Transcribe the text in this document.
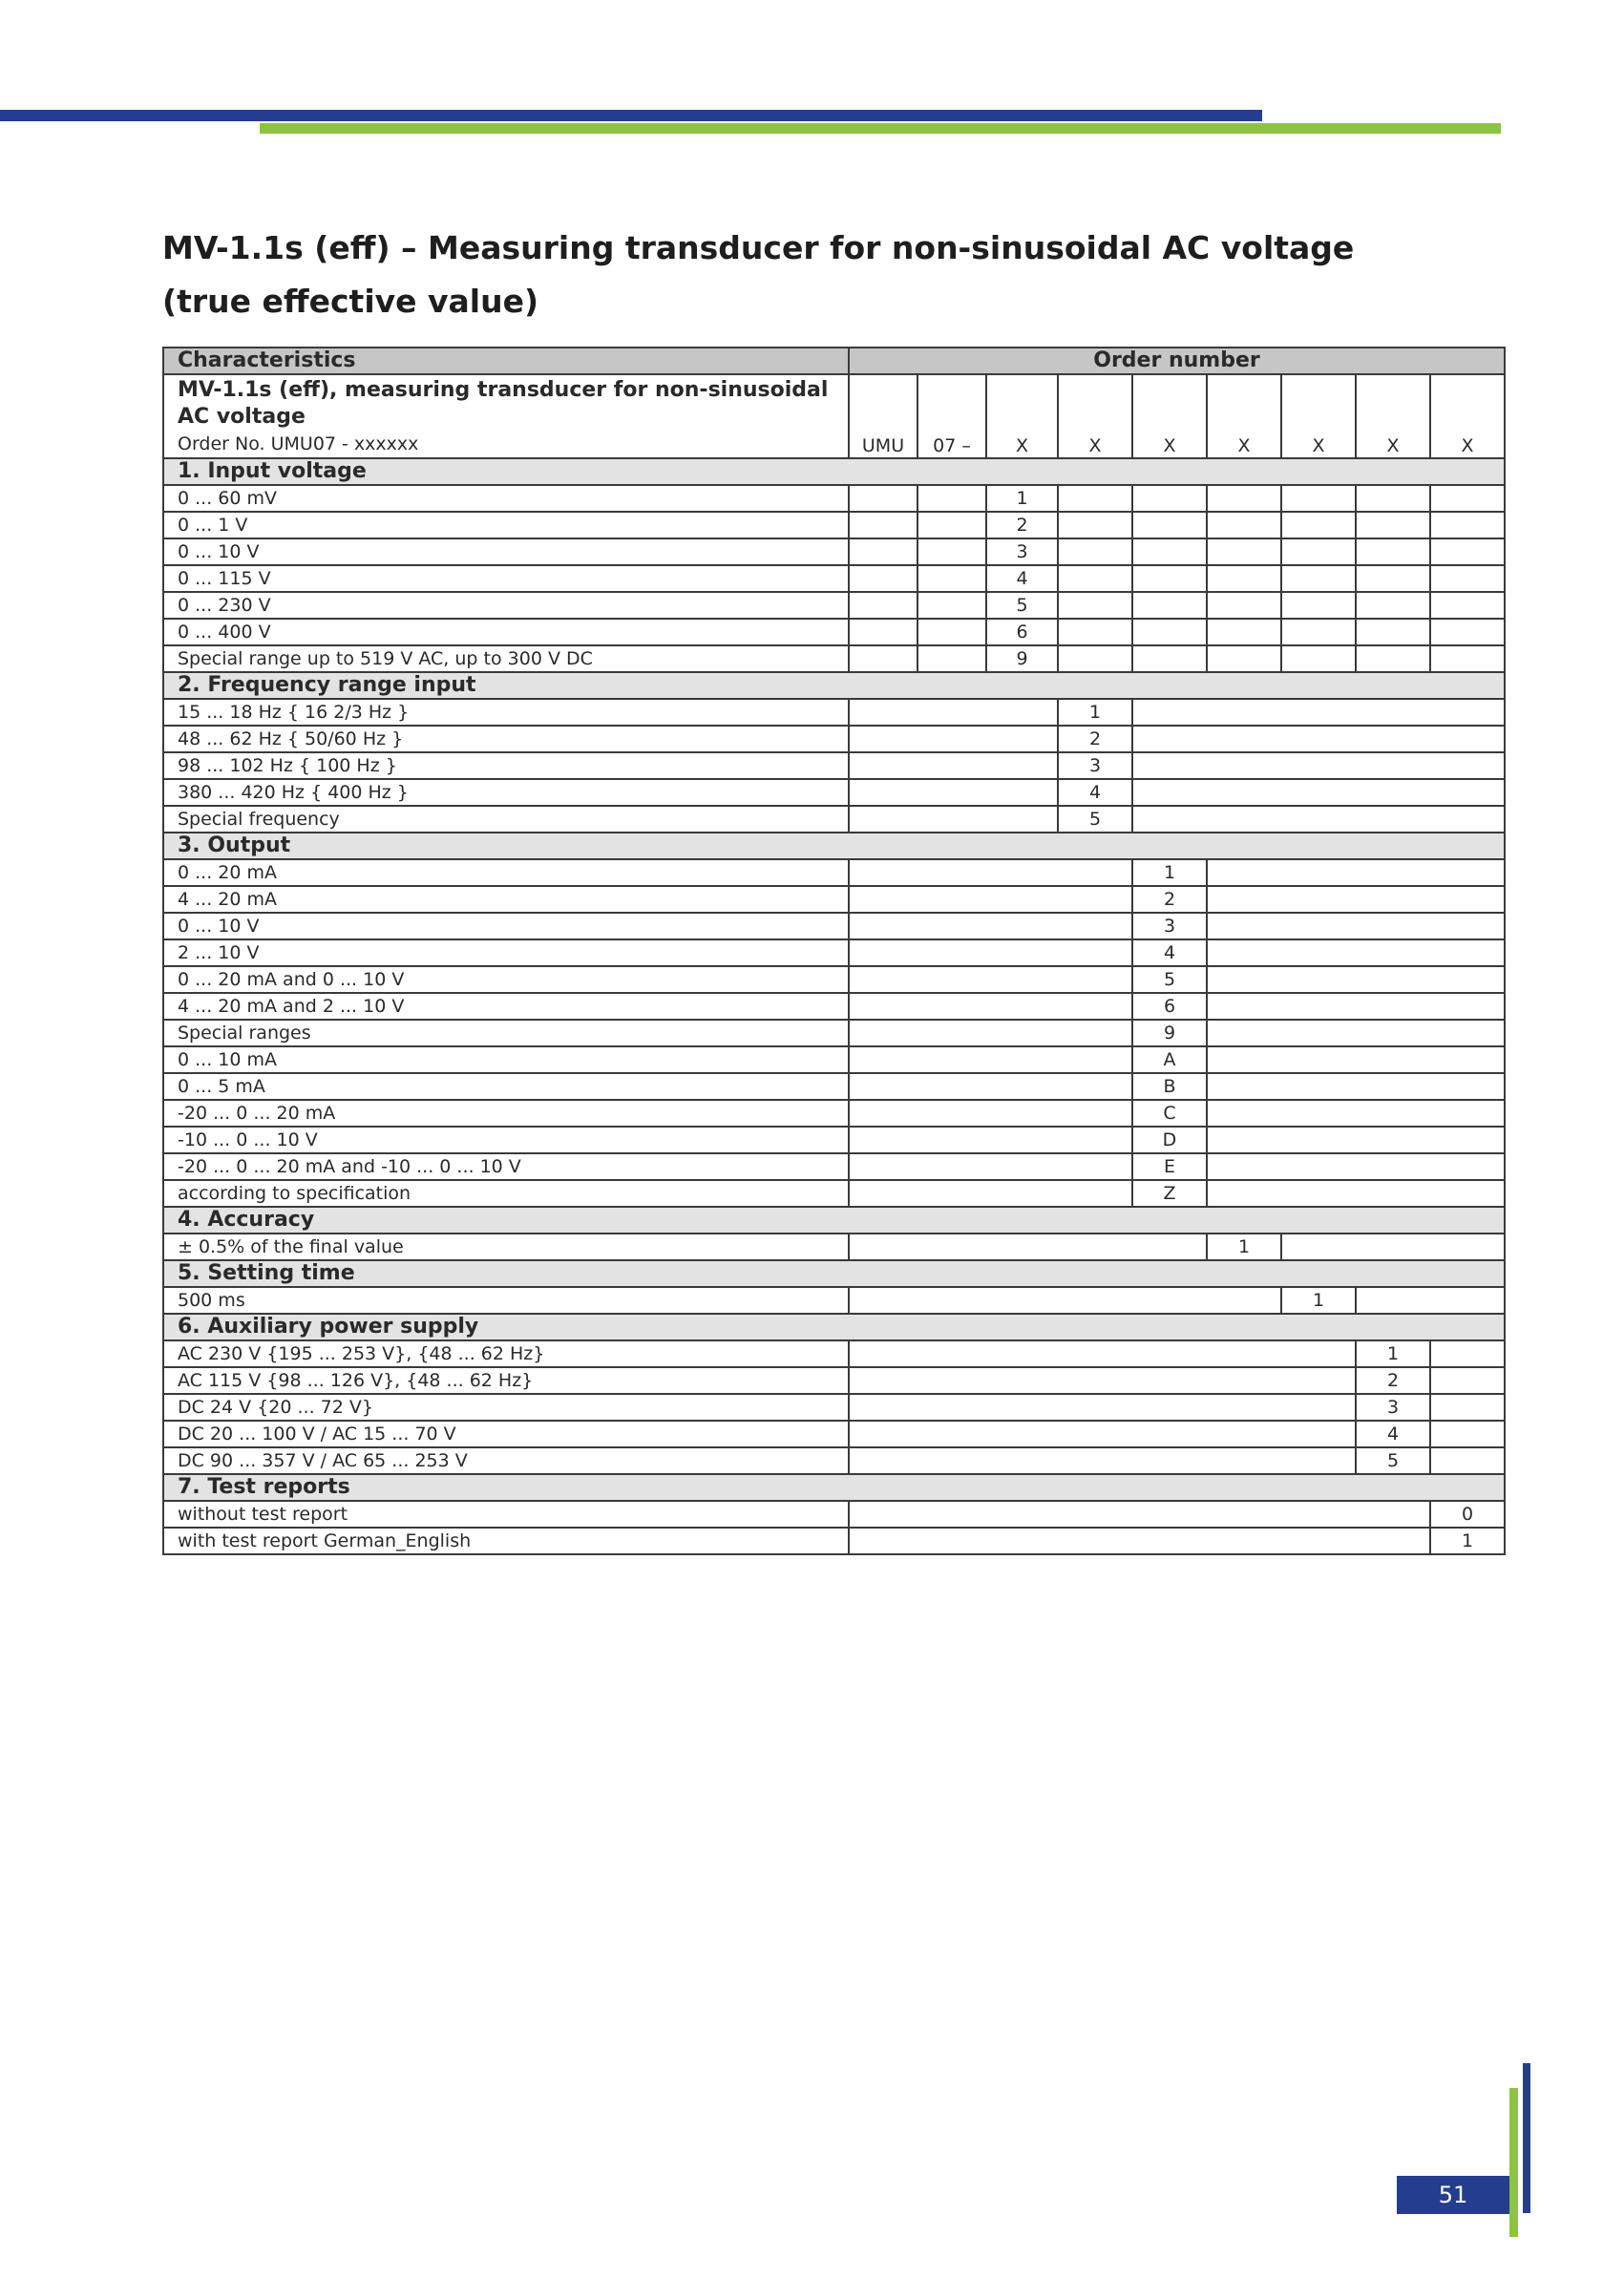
MV-1.1s (eff) – Measuring transducer for non-sinusoidal AC voltage
(true effective value)
Characteristics	Order number								

MV-1.1s (eff), measuring transducer for non-sinusoidal AC voltage
Order No. UMU07 - xxxxxx	UMU	07 –	X	X	X	X	X	X	X
1. Input voltage									
0 ... 60 mV			1						
0 ... 1 V			2						
0 ... 10 V			3						
0 ... 115 V			4						
0 ... 230 V			5						
0 ... 400 V			6						
Special range up to 519 V AC, up to 300 V DC			9						
2. Frequency range input									
15 ... 18 Hz { 16 2/3 Hz }				1					
48 ... 62 Hz { 50/60 Hz }				2					
98 ... 102 Hz { 100 Hz }				3					
380 ... 420 Hz { 400 Hz }				4					
Special frequency				5					
3. Output									
0 ... 20 mA					1				
4 ... 20 mA					2				
0 ... 10 V					3				
2 ... 10 V					4				
0 ... 20 mA and 0 ... 10 V					5				
4 ... 20 mA and 2 ... 10 V					6				
Special ranges					9				
0 ... 10 mA					A				
0 ... 5 mA					B				
-20 ... 0 ... 20 mA					C				
-10 ... 0 ... 10 V					D				
-20 ... 0 ... 20 mA and -10 ... 0 ... 10 V					E				
according to specification					Z				
4. Accuracy									
± 0.5% of the final value						1			
5. Setting time									
500 ms							1		
6. Auxiliary power supply									
AC 230 V {195 ... 253 V}, {48 ... 62 Hz}								1	
AC 115 V {98 ... 126 V}, {48 ... 62 Hz}								2	
DC 24 V {20 ... 72 V}								3	
DC 20 ... 100 V / AC 15 ... 70 V								4	
DC 90 ... 357 V / AC 65 ... 253 V								5	
7. Test reports									
without test report									0
with test report German_English									1
51
